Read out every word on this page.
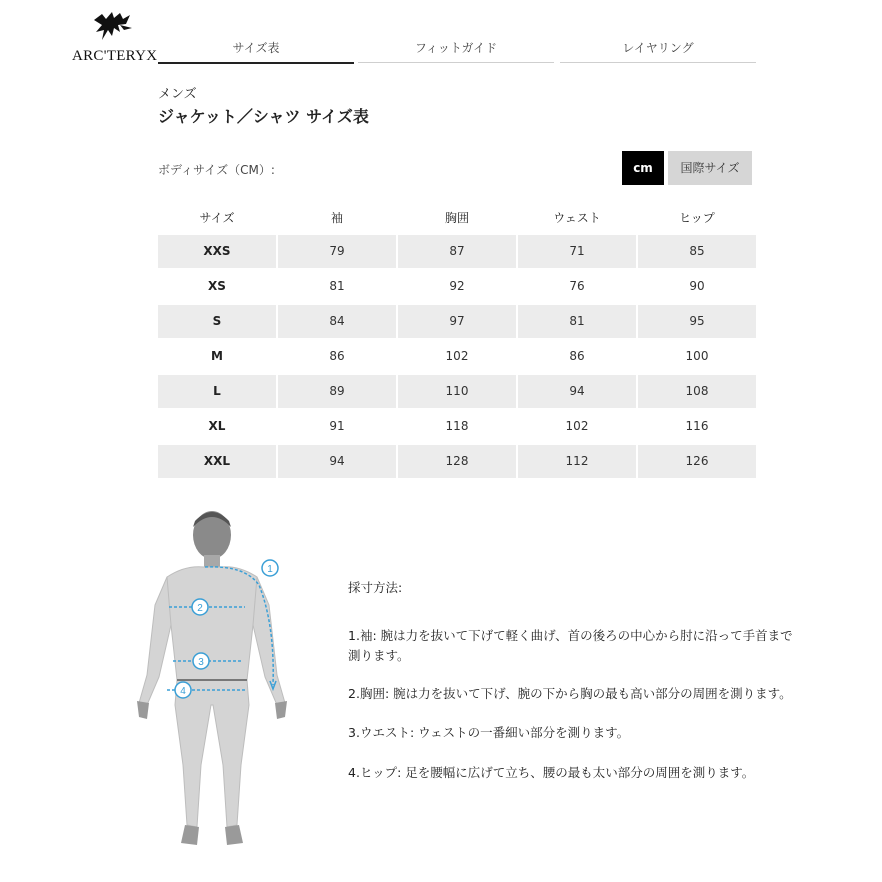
ARC'TERYX	サイズ表	フィットガイド	レイヤリング
メンズ
ジャケット／シャツ サイズ表
ボディサイズ（CM）:	cm	国際サイズ
サイズ	袖	胸囲	ウェスト	ヒップ
XXS	79	87	71	85
XS	81	92	76	90
S	84	97	81	95
M	86	102	86	100
L	89	110	94	108
XL	91	118	102	116
XXL	94	128	112	126
1
2
3
4
採寸方法:
1.袖: 腕は力を抜いて下げて軽く曲げ、首の後ろの中心から肘に沿って手首まで測ります。
2.胸囲: 腕は力を抜いて下げ、腕の下から胸の最も高い部分の周囲を測ります。
3.ウエスト: ウェストの一番細い部分を測ります。
4.ヒップ: 足を腰幅に広げて立ち、腰の最も太い部分の周囲を測ります。
